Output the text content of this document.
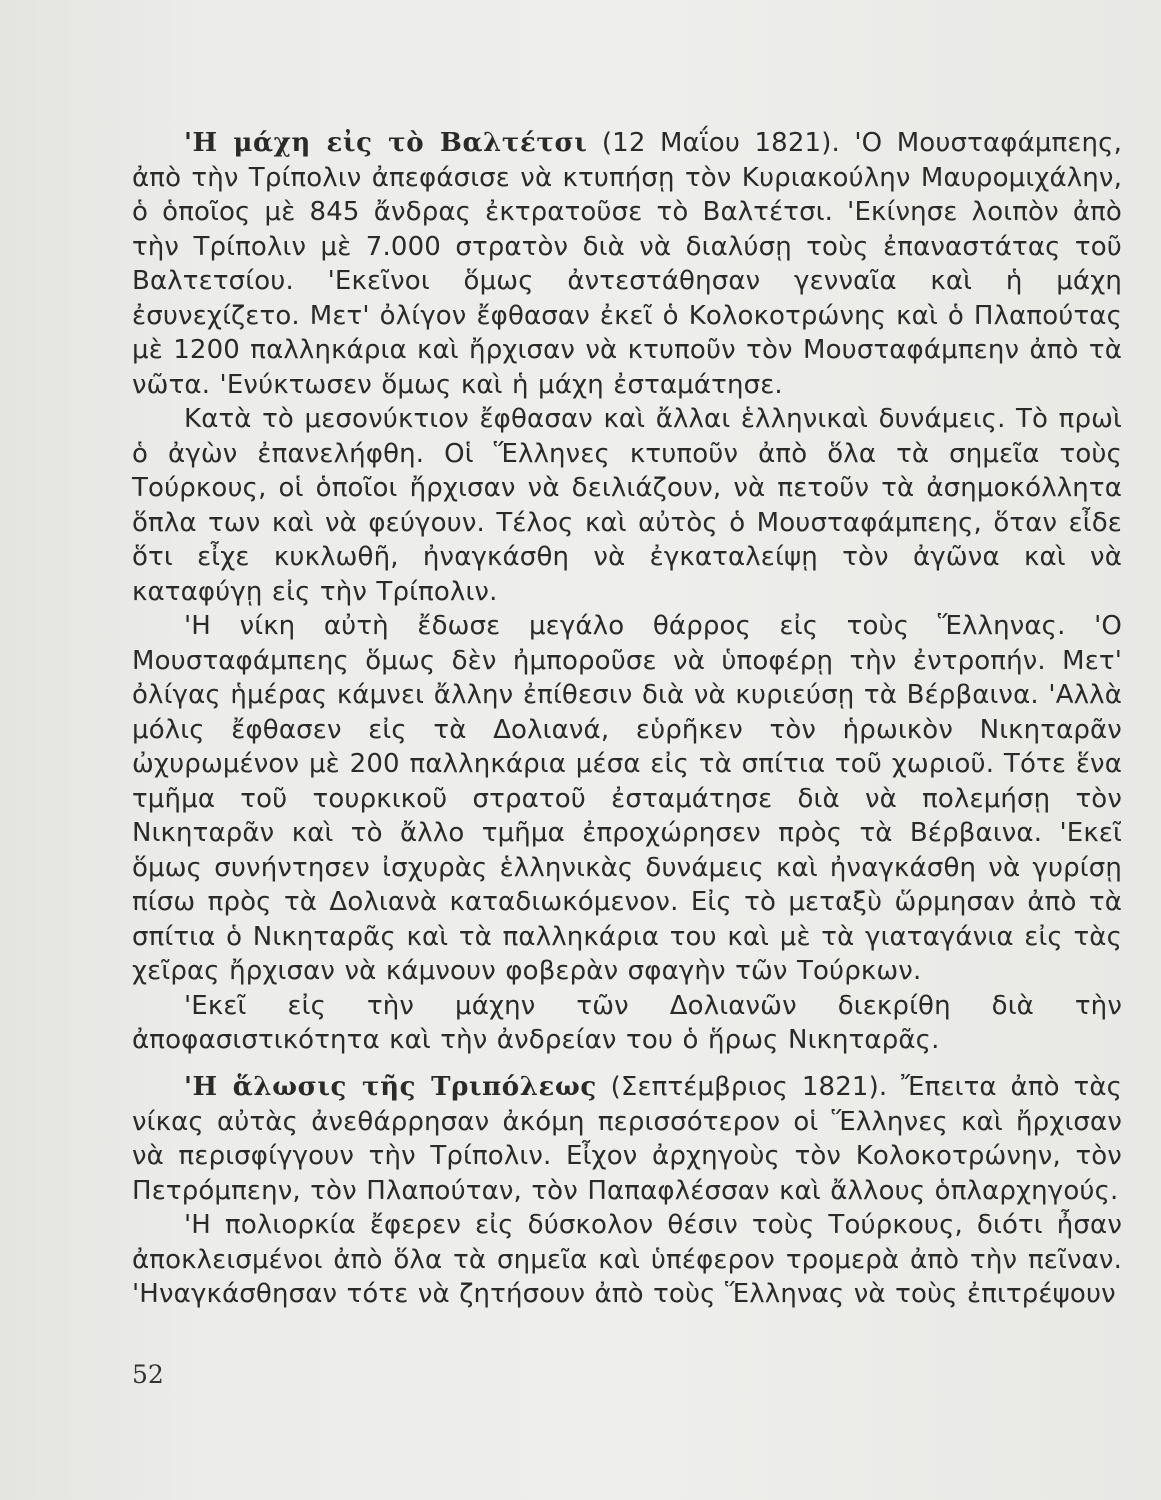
'Η μάχη εἰς τὸ Βαλτέτσι (12 Μαΐου 1821). 'Ο Μουσταφάμπεης, ἀπὸ τὴν Τρίπολιν ἀπεφάσισε νὰ κτυπήσῃ τὸν Κυριακούλην Μαυρομιχάλην, ὁ ὁποῖος μὲ 845 ἄνδρας ἐκτρατοῦσε τὸ Βαλτέτσι. 'Εκίνησε λοιπὸν ἀπὸ τὴν Τρίπολιν μὲ 7.000 στρατὸν διὰ νὰ διαλύσῃ τοὺς ἐπαναστάτας τοῦ Βαλτετσίου. 'Εκεῖνοι ὅμως ἀντεστάθησαν γενναῖα καὶ ἡ μάχη ἐσυνεχίζετο. Μετ' ὀλίγον ἔφθασαν ἐκεῖ ὁ Κολοκοτρώνης καὶ ὁ Πλαπούτας μὲ 1200 παλληκάρια καὶ ἤρχισαν νὰ κτυποῦν τὸν Μουσταφάμπεην ἀπὸ τὰ νῶτα. 'Ενύκτωσεν ὅμως καὶ ἡ μάχη ἐσταμάτησε.

Κατὰ τὸ μεσονύκτιον ἔφθασαν καὶ ἄλλαι ἑλληνικαὶ δυνάμεις. Τὸ πρωὶ ὁ ἀγὼν ἐπανελήφθη. Οἱ Ἕλληνες κτυποῦν ἀπὸ ὅλα τὰ σημεῖα τοὺς Τούρκους, οἱ ὁποῖοι ἤρχισαν νὰ δειλιάζουν, νὰ πετοῦν τὰ ἀσημοκόλλητα ὅπλα των καὶ νὰ φεύγουν. Τέλος καὶ αὐτὸς ὁ Μουσταφάμπεης, ὅταν εἶδε ὅτι εἶχε κυκλωθῆ, ἠναγκάσθη νὰ ἐγκαταλείψῃ τὸν ἀγῶνα καὶ νὰ καταφύγῃ εἰς τὴν Τρίπολιν.

'Η νίκη αὐτὴ ἔδωσε μεγάλο θάρρος εἰς τοὺς Ἕλληνας. 'Ο Μουσταφάμπεης ὅμως δὲν ἠμποροῦσε νὰ ὑποφέρῃ τὴν ἐντροπήν. Μετ' ὀλίγας ἡμέρας κάμνει ἄλλην ἐπίθεσιν διὰ νὰ κυριεύσῃ τὰ Βέρβαινα. 'Αλλὰ μόλις ἔφθασεν εἰς τὰ Δολιανά, εὑρῆκεν τὸν ἡρωικὸν Νικηταρᾶν ὠχυρωμένον μὲ 200 παλληκάρια μέσα εἰς τὰ σπίτια τοῦ χωριοῦ. Τότε ἕνα τμῆμα τοῦ τουρκικοῦ στρατοῦ ἐσταμάτησε διὰ νὰ πολεμήσῃ τὸν Νικηταρᾶν καὶ τὸ ἄλλο τμῆμα ἐπροχώρησεν πρὸς τὰ Βέρβαινα. 'Εκεῖ ὅμως συνήντησεν ἰσχυρὰς ἑλληνικὰς δυνάμεις καὶ ἠναγκάσθη νὰ γυρίσῃ πίσω πρὸς τὰ Δολιανὰ καταδιωκόμενον. Εἰς τὸ μεταξὺ ὥρμησαν ἀπὸ τὰ σπίτια ὁ Νικηταρᾶς καὶ τὰ παλληκάρια του καὶ μὲ τὰ γιαταγάνια εἰς τὰς χεῖρας ἤρχισαν νὰ κάμνουν φοβερὰν σφαγὴν τῶν Τούρκων.

'Εκεῖ εἰς τὴν μάχην τῶν Δολιανῶν διεκρίθη διὰ τὴν ἀποφασιστικότητα καὶ τὴν ἀνδρείαν του ὁ ἥρως Νικηταρᾶς.

'Η ἅλωσις τῆς Τριπόλεως (Σεπτέμβριος 1821). Ἔπειτα ἀπὸ τὰς νίκας αὐτὰς ἀνεθάρρησαν ἀκόμη περισσότερον οἱ Ἕλληνες καὶ ἤρχισαν νὰ περισφίγγουν τὴν Τρίπολιν. Εἶχον ἀρχηγοὺς τὸν Κολοκοτρώνην, τὸν Πετρόμπεην, τὸν Πλαπούταν, τὸν Παπαφλέσσαν καὶ ἄλλους ὁπλαρχηγούς.

'Η πολιορκία ἔφερεν εἰς δύσκολον θέσιν τοὺς Τούρκους, διότι ἦσαν ἀποκλεισμένοι ἀπὸ ὅλα τὰ σημεῖα καὶ ὑπέφερον τρομερὰ ἀπὸ τὴν πεῖναν. 'Ηναγκάσθησαν τότε νὰ ζητήσουν ἀπὸ τοὺς Ἕλληνας νὰ τοὺς ἐπιτρέψουν

52
